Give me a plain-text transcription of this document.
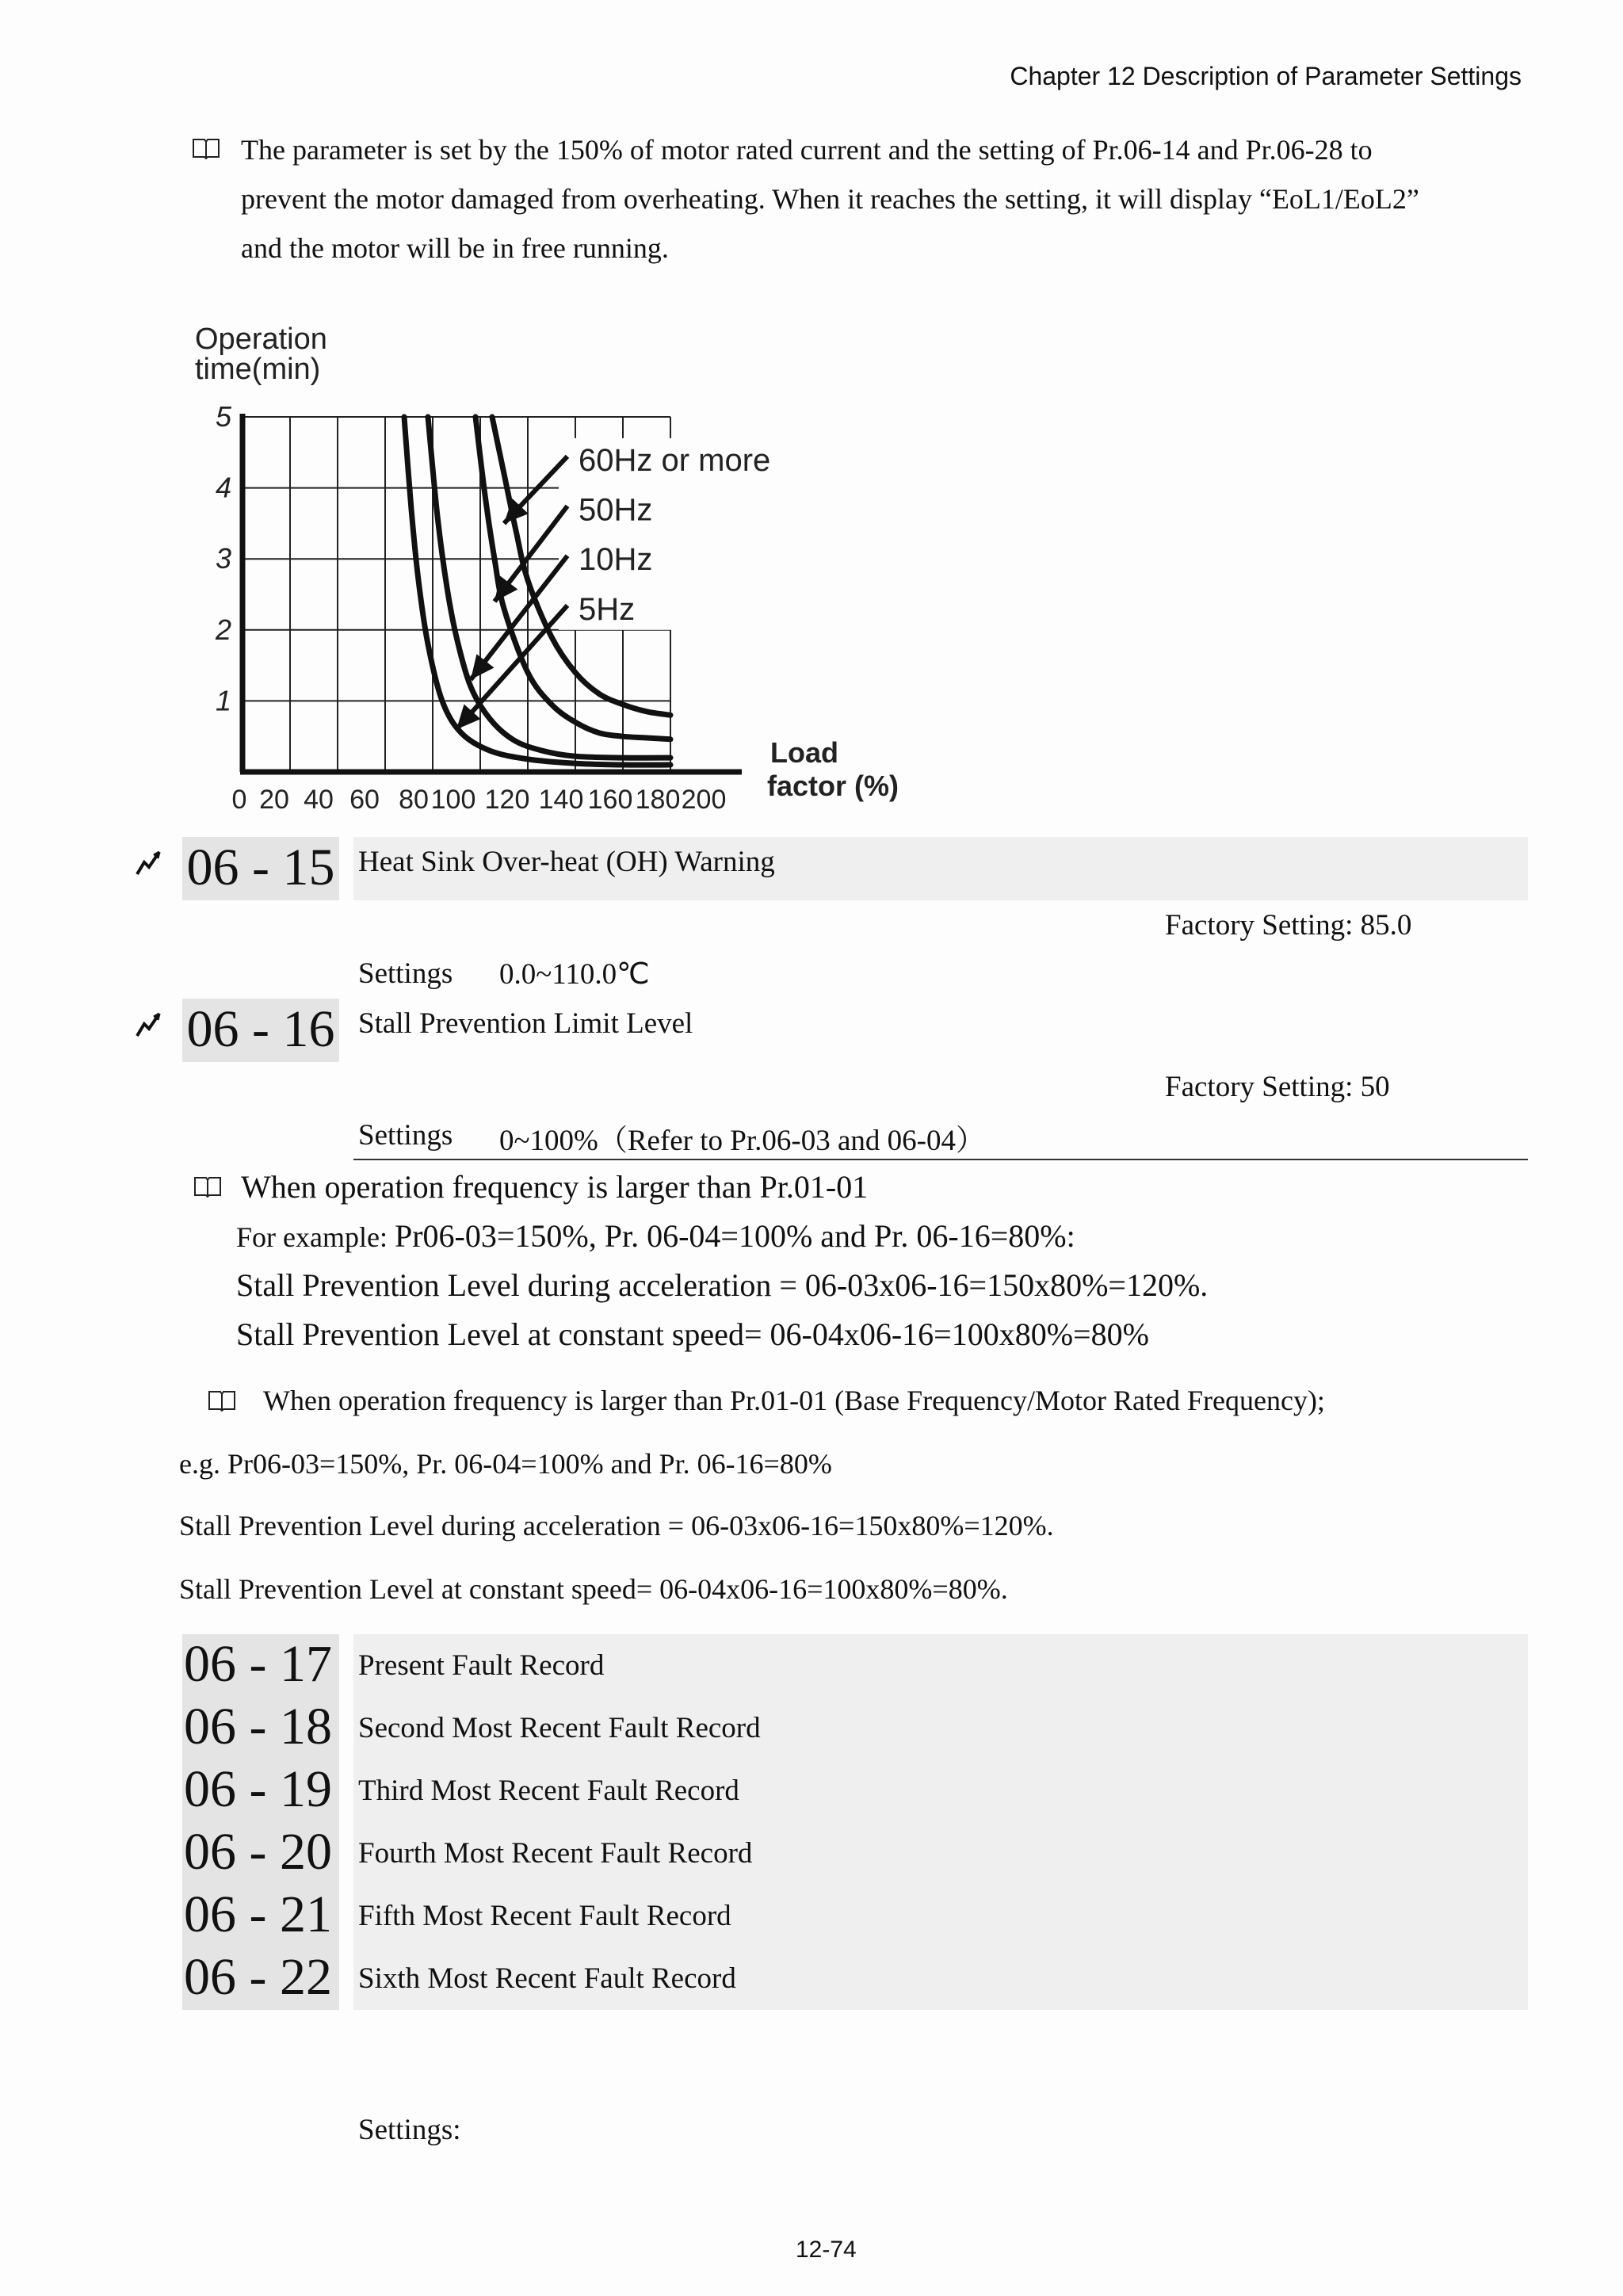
Chapter 12 Description of Parameter Settings
The parameter is set by the 150% of motor rated current and the setting of Pr.06-14 and Pr.06-28 to
prevent the motor damaged from overheating. When it reaches the setting, it will display “EoL1/EoL2”
and the motor will be in free running.
5
4
3
2
1
0 20 40 60 80 100 120 140 160 180 200
60Hz or more
50Hz
10Hz
5Hz
Operation
time(min)
Load
factor (%)
06 - 15 Heat Sink Over-heat (OH) Warning
Factory Setting: 85.0
Settings 0.0~110.0℃
06 - 16 Stall Prevention Limit Level
Factory Setting: 50
Settings 0~100%（Refer to Pr.06-03 and 06-04）
When operation frequency is larger than Pr.01-01
For example: Pr06-03=150%, Pr. 06-04=100% and Pr. 06-16=80%:
Stall Prevention Level during acceleration = 06-03x06-16=150x80%=120%.
Stall Prevention Level at constant speed= 06-04x06-16=100x80%=80%
When operation frequency is larger than Pr.01-01 (Base Frequency/Motor Rated Frequency);
e.g. Pr06-03=150%, Pr. 06-04=100% and Pr. 06-16=80%
Stall Prevention Level during acceleration = 06-03x06-16=150x80%=120%.
Stall Prevention Level at constant speed= 06-04x06-16=100x80%=80%.
06 - 17 Present Fault Record
06 - 18 Second Most Recent Fault Record
06 - 19 Third Most Recent Fault Record
06 - 20 Fourth Most Recent Fault Record
06 - 21 Fifth Most Recent Fault Record
06 - 22 Sixth Most Recent Fault Record
Settings:
12-74
